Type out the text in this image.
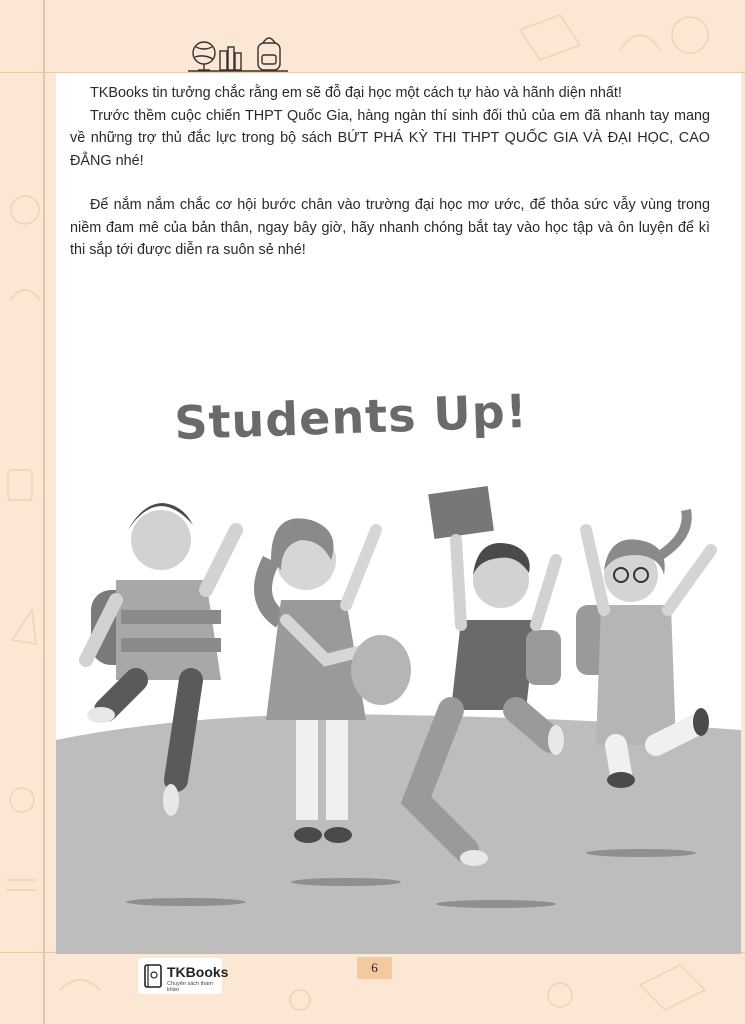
TKBooks tin tưởng chắc rằng em sẽ đỗ đại học một cách tự hào và hãnh diện nhất!

Trước thềm cuộc chiến THPT Quốc Gia, hàng ngàn thí sinh đối thủ của em đã nhanh tay mang về những trợ thủ đắc lực trong bộ sách BỨT PHÁ KỲ THI THPT QUỐC GIA VÀ ĐẠI HỌC, CAO ĐẲNG nhé!

Để nắm nắm chắc cơ hội bước chân vào trường đại học mơ ước, để thỏa sức vẫy vùng trong niềm đam mê của bản thân, ngay bây giờ, hãy nhanh chóng bắt tay vào học tập và ôn luyện để kì thi sắp tới được diễn ra suôn sẻ nhé!

Students Up!
6
TKBooks
Chuyên sách tham khảo
